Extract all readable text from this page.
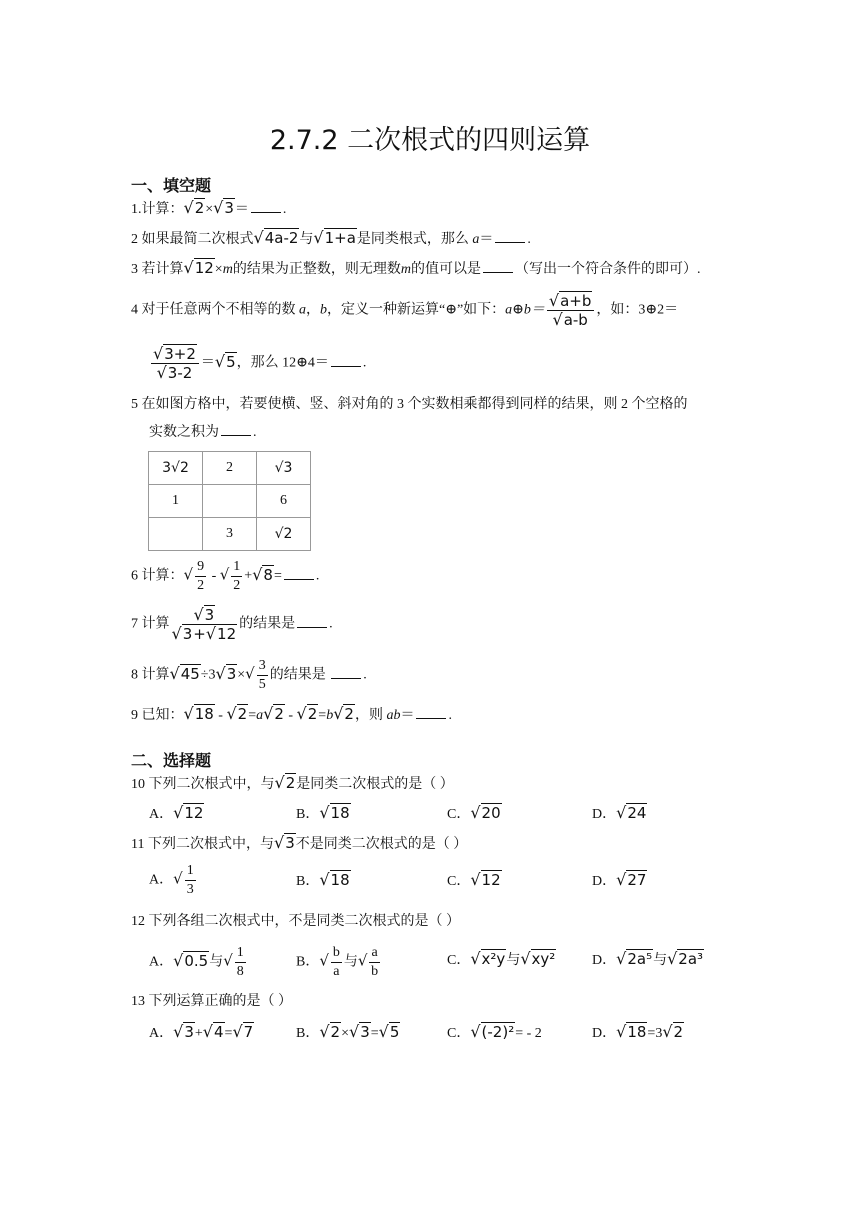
2.7.2 二次根式的四则运算
一、填空题
1.计算：√2×√3＝ .
2 如果最简二次根式√4a-2与√1+a是同类根式，那么 a＝ .
3 若计算√12×m的结果为正整数，则无理数m的值可以是 （写出一个符合条件的即可）.
4 对于任意两个不相等的数 a，b，定义一种新运算“⊕”如下：a⊕b＝ $\frac{√a+b}{√a-b}$ ，如：3⊕2＝
$\frac{√3+2}{√3-2} =√5$，那么 12⊕4＝ .
5 在如图方格中，若要使横、竖、斜对角的 3 个实数相乘都得到同样的结果，则 2 个空格的
实数之积为 .
3√2	2	√3
1		6
	3	√2
6 计算：√ $\frac{9}{2}$ - √ $\frac{1}{2} +√8=$ .
7 计算 $\frac{√3}{√3+√12}$ 的结果是 .
8 计算$√45\div 3√3\times√ \frac{3}{5}$ 的结果是	.
9 已知：√18 - √2=a√2 - √2=b√2，则 ab＝ .
二、选择题
10 下列二次根式中，与√2是同类二次根式的是（ ）
A．√12	B．√18	C．√20	D．√24
11 下列二次根式中，与√3不是同类二次根式的是（ ）
A．√ $\frac{1}{3}$	B．√18	C．√12	D．√27
12 下列各组二次根式中，不是同类二次根式的是（ ）
A．√0.5与√ $\frac{1}{8}$	B．√ $\frac{b}{a}$ 与√ $\frac{a}{b}$	C．√x²y与√xy²	D．√2a⁵与√2a³
13 下列运算正确的是（ ）
A．√3+√4=√7	B．√2×√3=√5	C．√(-2)²= - 2	D．√18=3√2
